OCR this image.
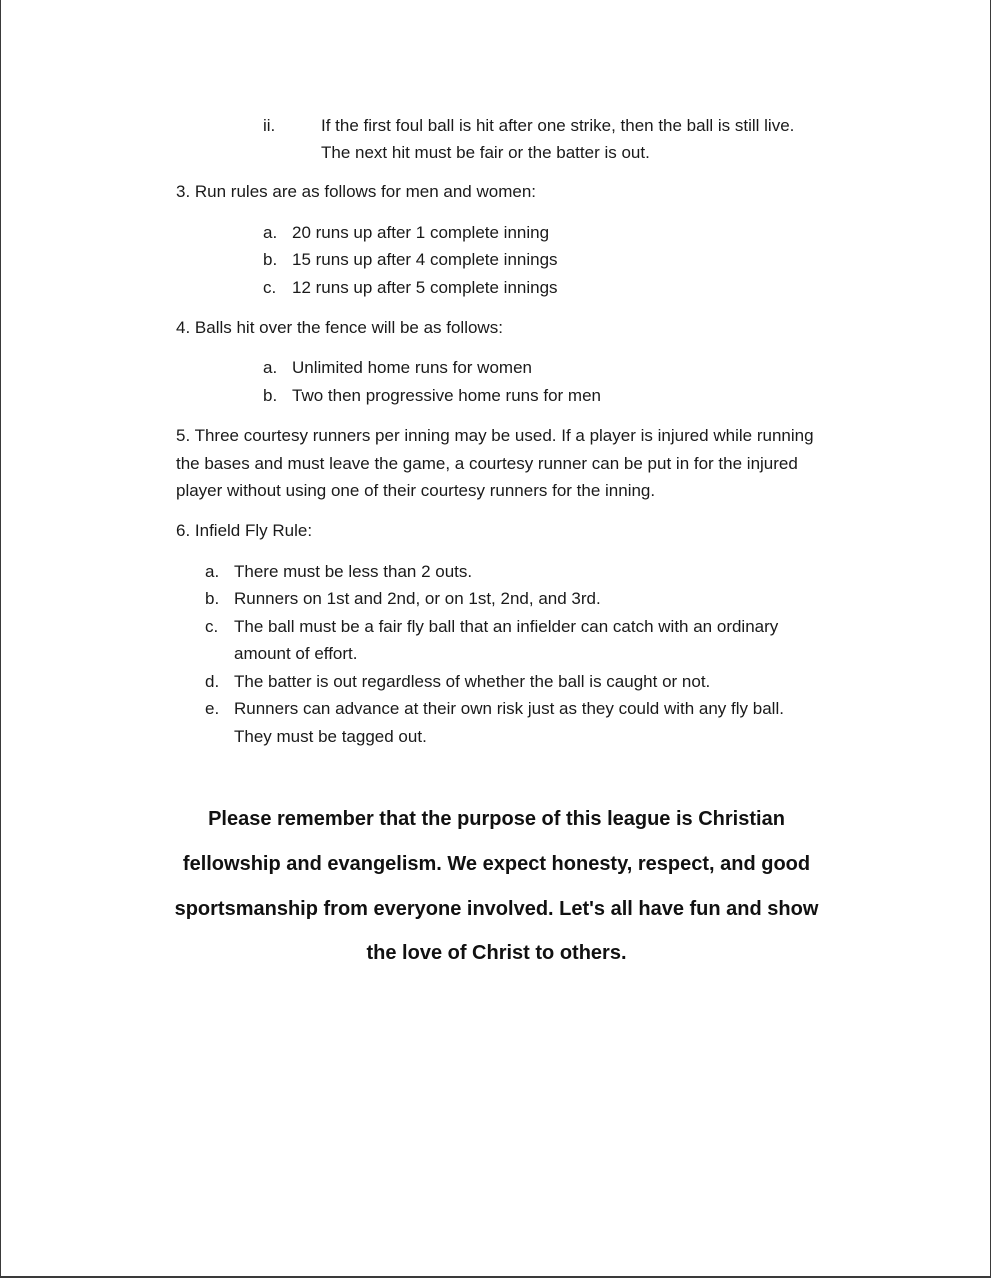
ii.	If the first foul ball is hit after one strike, then the ball is still live.
The next hit must be fair or the batter is out.
3. Run rules are as follows for men and women:
a. 20 runs up after 1 complete inning
b. 15 runs up after 4 complete innings
c. 12 runs up after 5 complete innings
4. Balls hit over the fence will be as follows:
a. Unlimited home runs for women
b. Two then progressive home runs for men
5. Three courtesy runners per inning may be used. If a player is injured while running
the bases and must leave the game, a courtesy runner can be put in for the injured
player without using one of their courtesy runners for the inning.
6. Infield Fly Rule:
a. There must be less than 2 outs.
b. Runners on 1st and 2nd, or on 1st, 2nd, and 3rd.
c. The ball must be a fair fly ball that an infielder can catch with an ordinary
amount of effort.
d. The batter is out regardless of whether the ball is caught or not.
e. Runners can advance at their own risk just as they could with any fly ball.
They must be tagged out.
Please remember that the purpose of this league is Christian
fellowship and evangelism. We expect honesty, respect, and good
sportsmanship from everyone involved. Let's all have fun and show
the love of Christ to others.
